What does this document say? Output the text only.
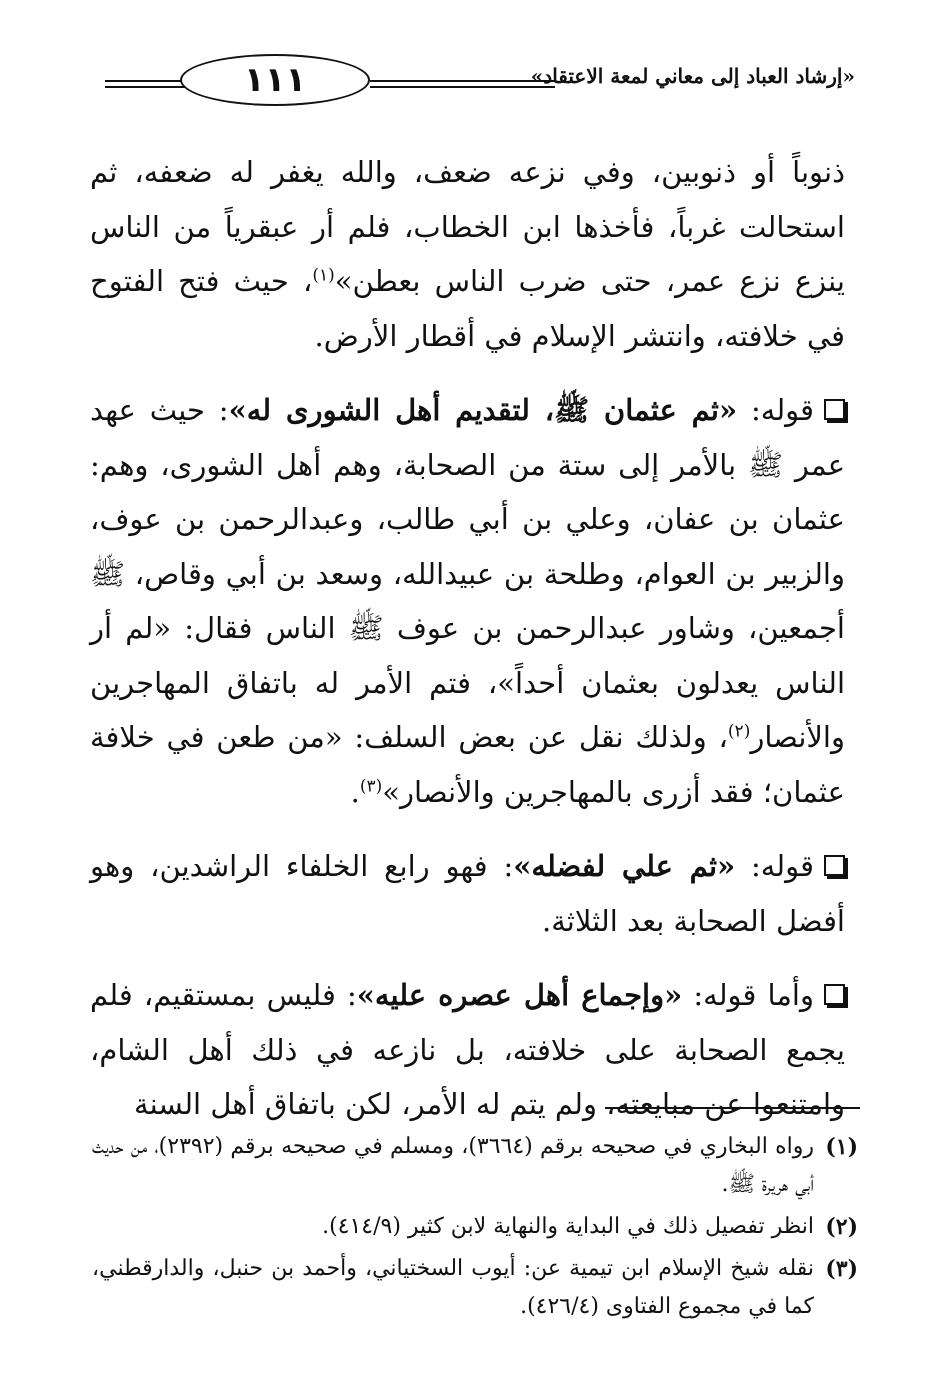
١١١	«إرشاد العباد إلى معاني لمعة الاعتقاد»

ذنوباً أو ذنوبين، وفي نزعه ضعف، والله يغفر له ضعفه، ثم استحالت غرباً، فأخذها ابن الخطاب، فلم أر عبقرياً من الناس ينزع نزع عمر، حتى ضرب الناس بعطن»$^{(١)}$، حيث فتح الفتوح في خلافته، وانتشر الإسلام في أقطار الأرض.

قوله: «ثم عثمان ﷺ، لتقديم أهل الشورى له»: حيث عهد عمر ﷺ بالأمر إلى ستة من الصحابة، وهم أهل الشورى، وهم: عثمان بن عفان، وعلي بن أبي طالب، وعبدالرحمن بن عوف، والزبير بن العوام، وطلحة بن عبيدالله، وسعد بن أبي وقاص، ﷺ أجمعين، وشاور عبدالرحمن بن عوف ﷺ الناس فقال: «لم أر الناس يعدلون بعثمان أحداً»، فتم الأمر له باتفاق المهاجرين والأنصار$^{(٢)}$، ولذلك نقل عن بعض السلف: «من طعن في خلافة عثمان؛ فقد أزرى بالمهاجرين والأنصار»$^{(٣)}$.

قوله: «ثم علي لفضله»: فهو رابع الخلفاء الراشدين، وهو أفضل الصحابة بعد الثلاثة.

وأما قوله: «وإجماع أهل عصره عليه»: فليس بمستقيم، فلم يجمع الصحابة على خلافته، بل نازعه في ذلك أهل الشام، وامتنعوا عن مبايعته، ولم يتم له الأمر، لكن باتفاق أهل السنة

(١)
رواه البخاري في صحيحه برقم (٣٦٦٤)، ومسلم في صحيحه برقم (٢٣٩٢)، من حديث أبي هريرة ﷺ.
(٢)
انظر تفصيل ذلك في البداية والنهاية لابن كثير (٤١٤/٩).
(٣)
نقله شيخ الإسلام ابن تيمية عن: أيوب السختياني، وأحمد بن حنبل، والدارقطني، كما في مجموع الفتاوى (٤٢٦/٤).
